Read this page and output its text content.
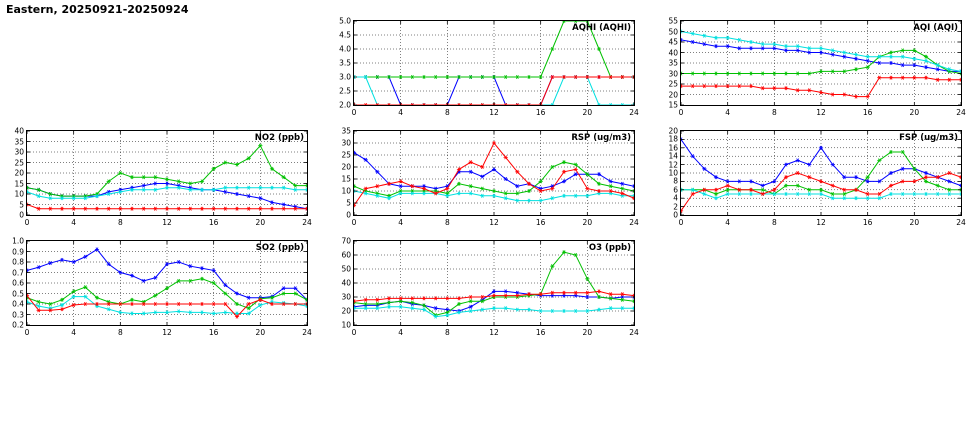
Eastern, 20250921-20250924
NO2 (ppb)
0
5
10
15
20
25
30
35
40
0	4	8	12	16	20	24
SO2 (ppb)
0.2
0.3
0.4
0.5
0.6
0.7
0.8
0.9
1.0
0	4	8	12	16	20	24
AQHI (AQHI)
2.0
2.5
3.0
3.5
4.0
4.5
5.0
0	4	8	12	16	20	24
RSP (ug/m3)
0
5
10
15
20
25
30
35
0	4	8	12	16	20	24
O3 (ppb)
10
20
30
40
50
60
70
0	4	8	12	16	20	24
AQI (AQI)
15
20
25
30
35
40
45
50
55
0	4	8	12	16	20	24
FSP (ug/m3)
0
2
4
6
8
10
12
14
16
18
20
0	4	8	12	16	20	24
